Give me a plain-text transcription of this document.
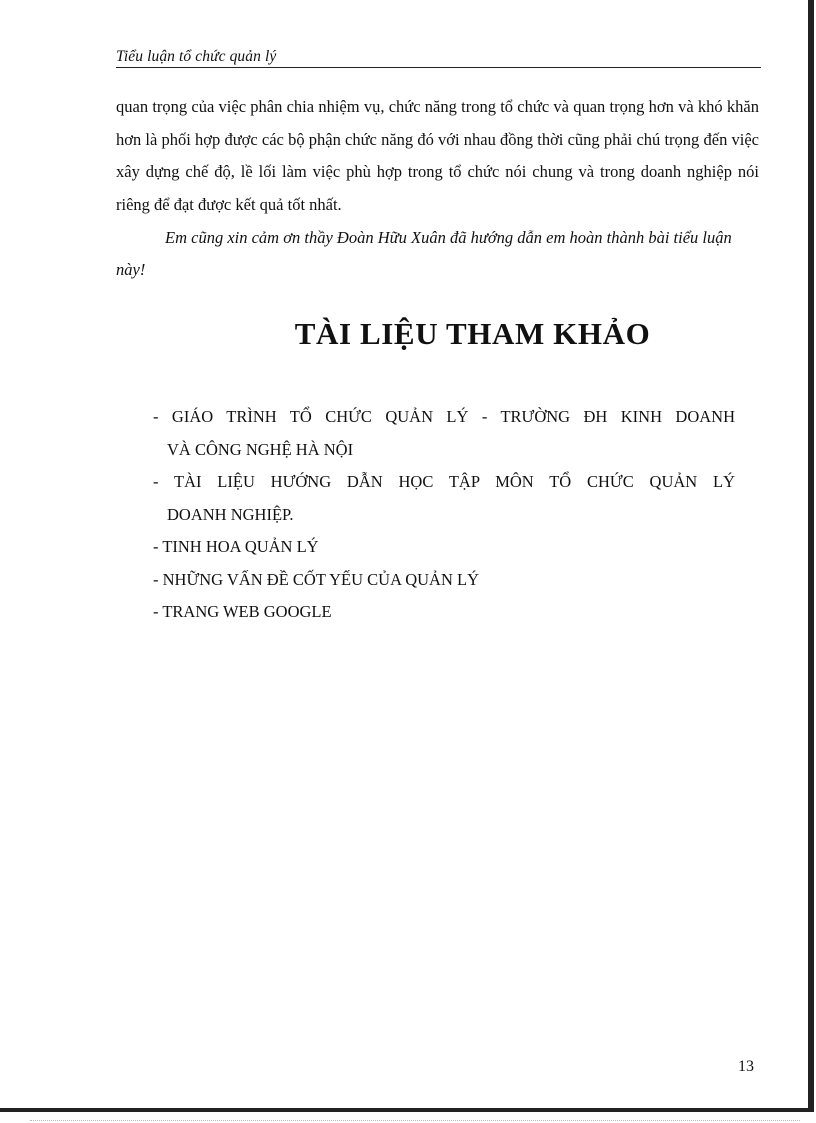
Tiểu luận tổ chức quản lý

quan trọng của việc phân chia nhiệm vụ, chức năng trong tổ chức và quan trọng hơn và khó khăn hơn là phối hợp được các bộ phận chức năng đó với nhau đồng thời cũng phải chú trọng đến việc xây dựng chế độ, lề lối làm việc phù hợp trong tổ chức nói chung và trong doanh nghiệp nói riêng để đạt được kết quả tốt nhất.

Em cũng xin cảm ơn thầy Đoàn Hữu Xuân đã hướng dẫn em hoàn thành bài tiểu luận này!

TÀI LIỆU THAM KHẢO
- GIÁO TRÌNH TỔ CHỨC QUẢN LÝ - TRƯỜNG ĐH KINH DOANH
VÀ CÔNG NGHỆ HÀ NỘI
- TÀI LIỆU HƯỚNG DẪN HỌC TẬP MÔN TỔ CHỨC QUẢN LÝ
DOANH NGHIỆP.
- TINH HOA QUẢN LÝ
- NHỮNG VẤN ĐỀ CỐT YẾU CỦA QUẢN LÝ
- TRANG WEB GOOGLE
13
